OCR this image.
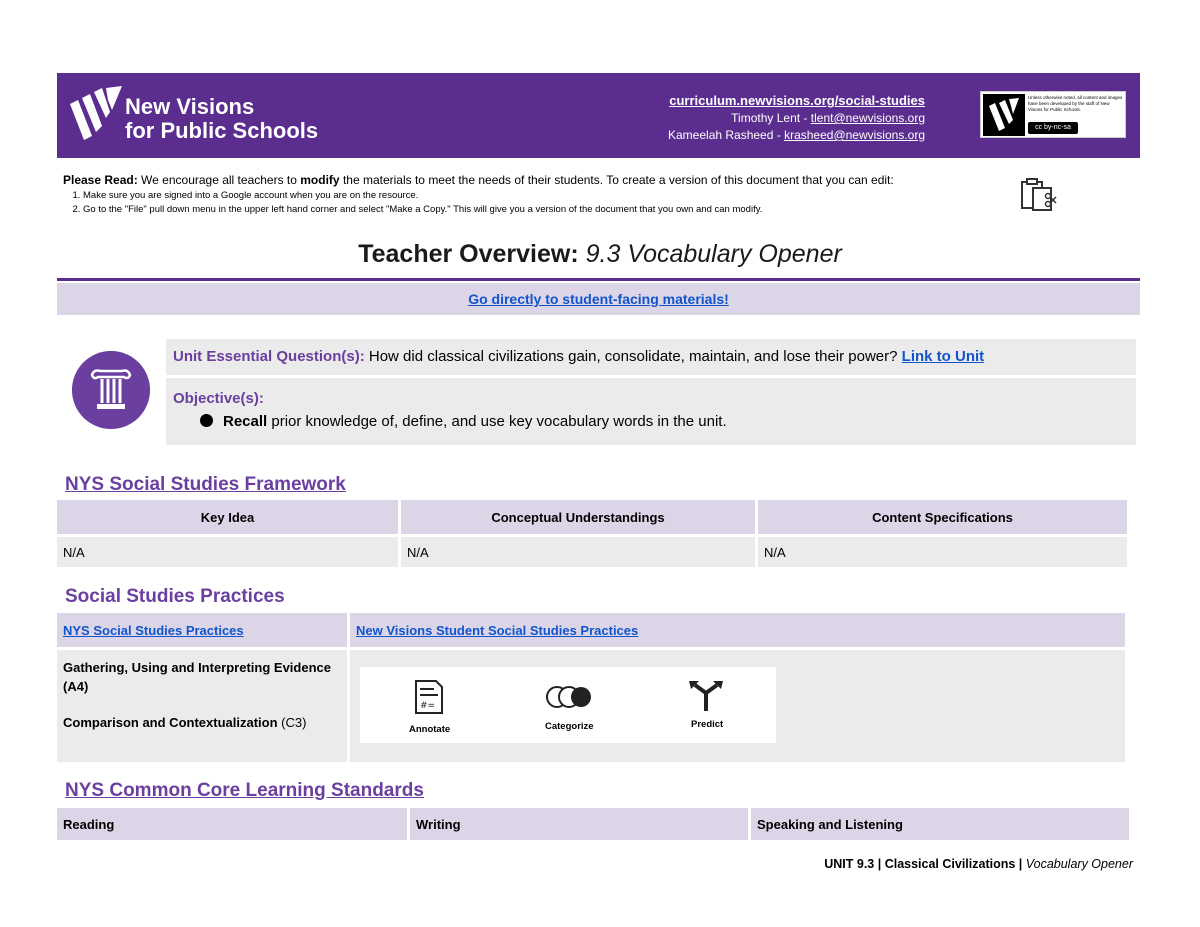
New Visions
for Public Schools
curriculum.newvisions.org/social-studies
Timothy Lent - tlent@newvisions.org
Kameelah Rasheed - krasheed@newvisions.org
Unless otherwise noted, all content and images have been developed by the staff of New Visions for Public Schools.
cc by-nc-sa
Please Read: We encourage all teachers to modify the materials to meet the needs of their students. To create a version of this document that you can edit:
1. Make sure you are signed into a Google account when you are on the resource.
2. Go to the "File" pull down menu in the upper left hand corner and select "Make a Copy." This will give you a version of the document that you own and can modify.
Teacher Overview: 9.3 Vocabulary Opener
Go directly to student-facing materials!
Unit Essential Question(s): How did classical civilizations gain, consolidate, maintain, and lose their power? Link to Unit
Objective(s):
Recall prior knowledge of, define, and use key vocabulary words in the unit.
NYS Social Studies Framework
Key Idea	Conceptual Understandings	Content Specifications
N/A	N/A	N/A
Social Studies Practices
NYS Social Studies Practices	New Visions Student Social Studies Practices

Gathering, Using and Interpreting Evidence (A4)
Comparison and Contextualization (C3)	

#=
Annotate	Categorize	Predict
NYS Common Core Learning Standards
Reading	Writing	Speaking and Listening
UNIT 9.3 | Classical Civilizations | Vocabulary Opener
